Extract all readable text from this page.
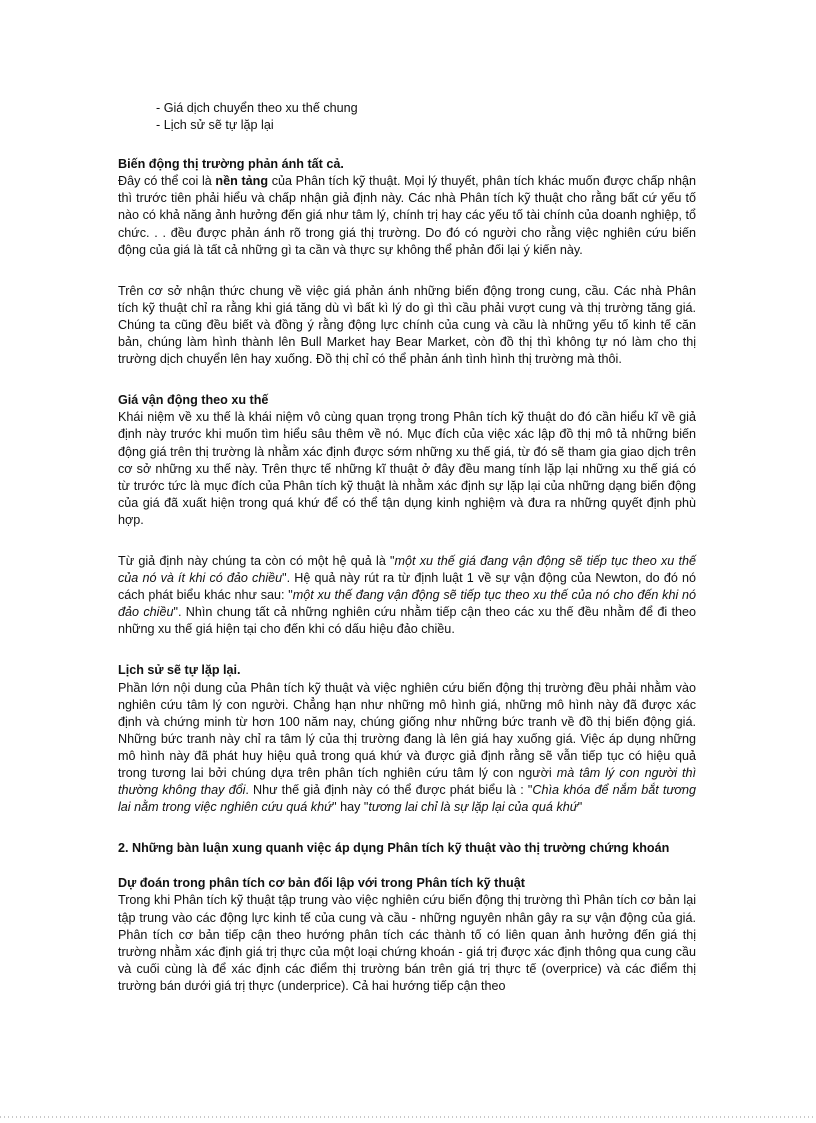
- Giá dịch chuyển theo xu thế chung
- Lịch sử sẽ tự lặp lại
Biến động thị trường phản ánh tất cả.

Đây có thể coi là nền tảng của Phân tích kỹ thuật. Mọi lý thuyết, phân tích khác muốn được chấp nhận thì trước tiên phải hiểu và chấp nhận giả định này. Các nhà Phân tích kỹ thuật cho rằng bất cứ yếu tố nào có khả năng ảnh hưởng đến giá như tâm lý, chính trị hay các yếu tố tài chính của doanh nghiệp, tổ chức. . . đều được phản ánh rõ trong giá thị trường. Do đó có người cho rằng việc nghiên cứu biến động của giá là tất cả những gì ta cần và thực sự không thể phản đối lại ý kiến này.

Trên cơ sở nhận thức chung về việc giá phản ánh những biến động trong cung, cầu. Các nhà Phân tích kỹ thuật chỉ ra rằng khi giá tăng dù vì bất kì lý do gì thì cầu phải vượt cung và thị trường tăng giá. Chúng ta cũng đều biết và đồng ý rằng động lực chính của cung và cầu là những yếu tố kinh tế căn bản, chúng làm hình thành lên Bull Market hay Bear Market, còn đồ thị thì không tự nó làm cho thị trường dịch chuyển lên hay xuống. Đồ thị chỉ có thể phản ánh tình hình thị trường mà thôi.

Giá vận động theo xu thế

Khái niệm về xu thế là khái niệm vô cùng quan trọng trong Phân tích kỹ thuật do đó cần hiểu kĩ về giả định này trước khi muốn tìm hiểu sâu thêm về nó. Mục đích của việc xác lập đồ thị mô tả những biến động giá trên thị trường là nhằm xác định được sớm những xu thế giá, từ đó sẽ tham gia giao dịch trên cơ sở những xu thế này. Trên thực tế những kĩ thuật ở đây đều mang tính lặp lại những xu thế giá có từ trước tức là mục đích của Phân tích kỹ thuật là nhằm xác định sự lặp lại của những dạng biến động của giá đã xuất hiện trong quá khứ để có thể tận dụng kinh nghiệm và đưa ra những quyết định phù hợp.

Từ giả định này chúng ta còn có một hệ quả là "một xu thế giá đang vận động sẽ tiếp tục theo xu thế của nó và ít khi có đảo chiều". Hệ quả này rút ra từ định luật 1 về sự vận động của Newton, do đó nó cách phát biểu khác như sau: "một xu thế đang vận động sẽ tiếp tục theo xu thế của nó cho đến khi nó đảo chiều". Nhìn chung tất cả những nghiên cứu nhằm tiếp cận theo các xu thế đều nhằm để đi theo những xu thế giá hiện tại cho đến khi có dấu hiệu đảo chiều.

Lịch sử sẽ tự lặp lại.

Phần lớn nội dung của Phân tích kỹ thuật và việc nghiên cứu biến động thị trường đều phải nhằm vào nghiên cứu tâm lý con người. Chẳng hạn như những mô hình giá, những mô hình này đã được xác định và chứng minh từ hơn 100 năm nay, chúng giống như những bức tranh về đồ thị biến động giá. Những bức tranh này chỉ ra tâm lý của thị trường đang là lên giá hay xuống giá. Việc áp dụng những mô hình này đã phát huy hiệu quả trong quá khứ và được giả định rằng sẽ vẫn tiếp tục có hiệu quả trong tương lai bởi chúng dựa trên phân tích nghiên cứu tâm lý con người mà tâm lý con người thì thường không thay đổi. Như thế giả định này có thể được phát biểu là : "Chìa khóa để nắm bắt tương lai nằm trong việc nghiên cứu quá khứ" hay "tương lai chỉ là sự lặp lại của quá khứ"

2. Những bàn luận xung quanh việc áp dụng Phân tích kỹ thuật vào thị trường chứng khoán
Dự đoán trong phân tích cơ bản đối lập với trong Phân tích kỹ thuật

Trong khi Phân tích kỹ thuật tập trung vào việc nghiên cứu biến động thị trường thì Phân tích cơ bản lại tập trung vào các động lực kinh tế của cung và cầu - những nguyên nhân gây ra sự vận động của giá. Phân tích cơ bản tiếp cận theo hướng phân tích các thành tố có liên quan ảnh hưởng đến giá thị trường nhằm xác định giá trị thực của một loại chứng khoán - giá trị được xác định thông qua cung cầu và cuối cùng là để xác định các điểm thị trường bán trên giá trị thực tế (overprice) và các điểm thị trường bán dưới giá trị thực (underprice). Cả hai hướng tiếp cận theo
